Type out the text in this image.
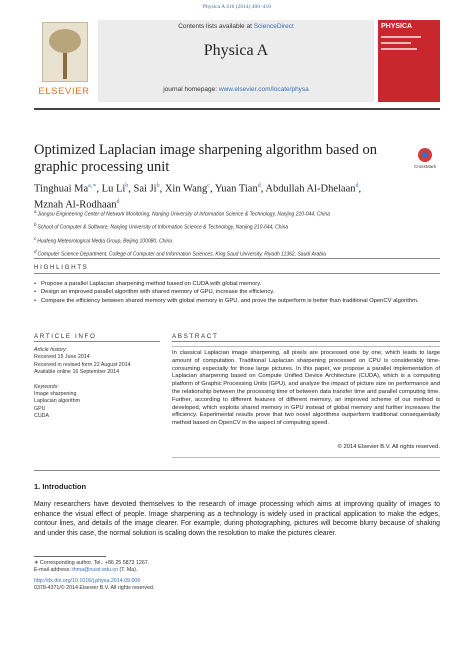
Physica A 416 (2014) 400–410
ELSEVIER
Contents lists available at ScienceDirect
Physica A
journal homepage: www.elsevier.com/locate/physa
PHYSICA
Optimized Laplacian image sharpening algorithm based on graphic processing unit	CrossMark
Tinghuai $Ma^{a,∗}$, Lu Li$^b$, Sai Ji$^b$, Xin Wang$^c$, Yuan Tian$^d$, Abdullah Al-Dhelaan$^d$,
Mznah Al-Rodhaan$^d$
$^a$Jiangsu Engineering Center of Network Monitoring, Nanjing University of Information Science & Technology, Nanjing 210-044, China
$^b$School of Computer & Software, Nanjing University of Information Science & Technology, Nanjing 210-044, China
$^c$Huafeng Meteorological Media Group, Beijing 100080, China
$^d$Computer Science Department, College of Computer and Information Sciences, King Saud University, Riyadh 11362, Saudi Arabia
HIGHLIGHTS
• Propose a parallel Laplacian sharpening method based on CUDA with global memory.
• Design an improved parallel algorithm with shared memory of GPU, increase the efficiency.
• Compare the efficiency between shared memory with global memory in GPU, and prove the outperform is better than traditional OpenCV algorithm.
ARTICLE INFO	ABSTRACT
Article history:
Received 15 June 2014
Received in revised form 22 August 2014
Available online 16 September 2014
Keywords:
Image sharpening
Laplacian algorithm
GPU
CUDA
In classical Laplacian image sharpening, all pixels are processed one by one, which leads to large amount of computation. Traditional Laplacian sharpening processed on CPU is considerably time-consuming especially for those large pictures. In this paper, we propose a parallel implementation of Laplacian sharpening based on Compute Unified Device Architecture (CUDA), which is a computing platform of Graphic Processing Units (GPU), and analyze the impact of picture size on performance and the relationship between the processing time of between data transfer time and parallel computing time. Further, according to different features of different memory, an improved scheme of our method is developed, which exploits shared memory in GPU instead of global memory and further increases the efficiency. Experimental results prove that two novel algorithms outperform traditional consequentially method based on OpenCV in the aspect of computing speed.
© 2014 Elsevier B.V. All rights reserved.
1. Introduction
Many researchers have devoted themselves to the research of image processing which aims at improving quality of images to enhance the visual effect of people. Image sharpening as a technology is widely used in practical application to make the edges, contour lines, and details of the image clearer. For example, during photographing, pictures will become blurry because of shaking and under this case, the normal solution is scaling down the resolution to make the pictures clearer.
∗ Corresponding author. Tel.: +86 25 5873 1267.
E-mail address: thma@nuist.edu.cn (T. Ma).
http://dx.doi.org/10.1016/j.physa.2014.09.006
0378-4371/© 2014 Elsevier B.V. All rights reserved.
